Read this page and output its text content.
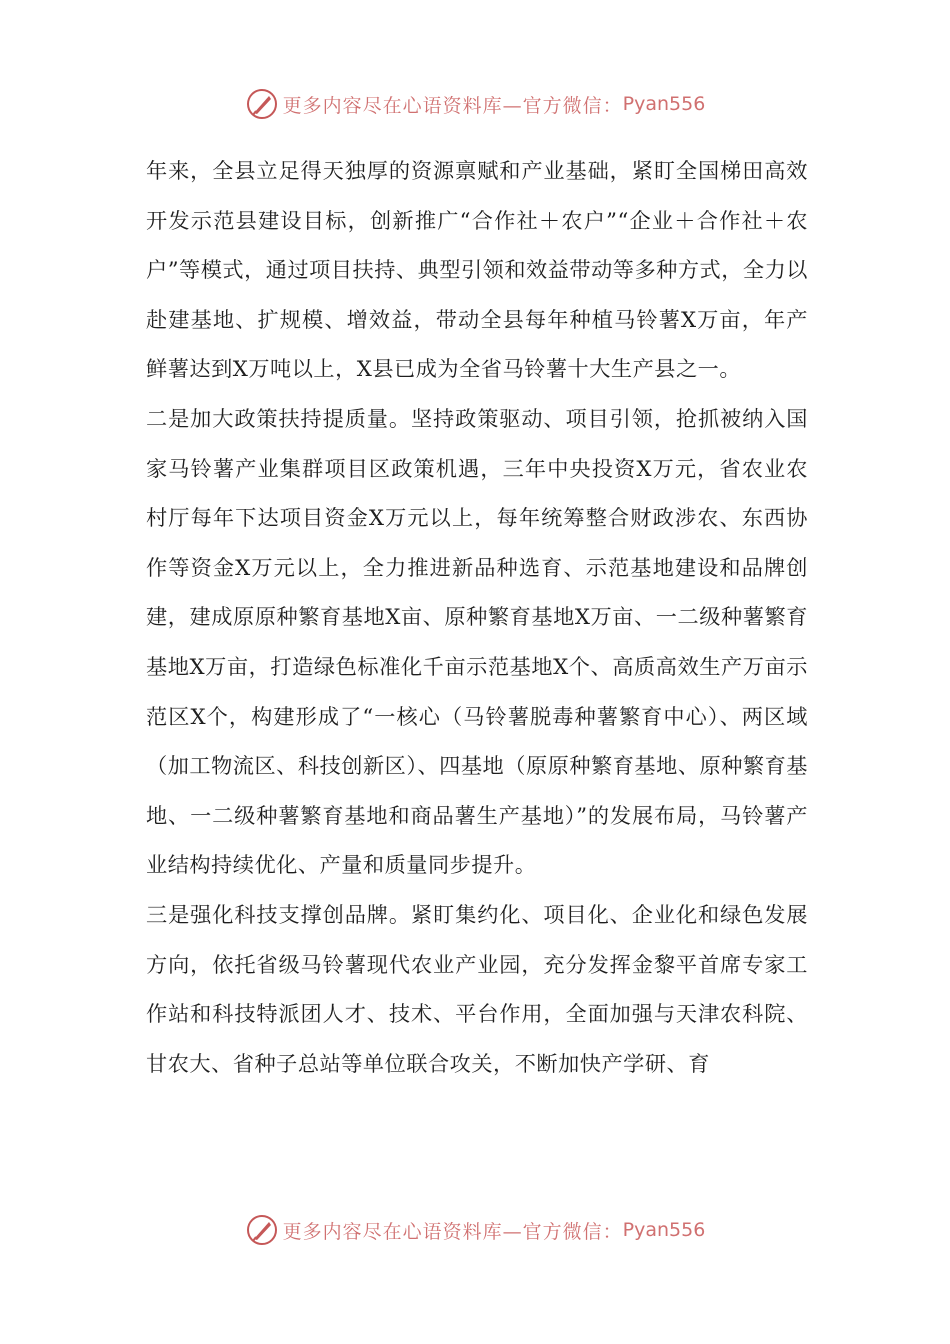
更多内容尽在心语资料库—官方微信： Pyan556

年来，全县立足得天独厚的资源禀赋和产业基础，紧盯全国梯田高效开发示范县建设目标，创新推广“合作社＋农户”“企业＋合作社＋农户”等模式，通过项目扶持、典型引领和效益带动等多种方式，全力以赴建基地、扩规模、增效益，带动全县每年种植马铃薯X万亩，年产鲜薯达到X万吨以上，X县已成为全省马铃薯十大生产县之一。

二是加大政策扶持提质量。坚持政策驱动、项目引领，抢抓被纳入国家马铃薯产业集群项目区政策机遇，三年中央投资X万元，省农业农村厅每年下达项目资金X万元以上，每年统筹整合财政涉农、东西协作等资金X万元以上，全力推进新品种选育、示范基地建设和品牌创建，建成原原种繁育基地X亩、原种繁育基地X万亩、一二级种薯繁育基地X万亩，打造绿色标准化千亩示范基地X个、高质高效生产万亩示范区X个，构建形成了“一核心（马铃薯脱毒种薯繁育中心）、两区域（加工物流区、科技创新区）、四基地（原原种繁育基地、原种繁育基地、一二级种薯繁育基地和商品薯生产基地）”的发展布局，马铃薯产业结构持续优化、产量和质量同步提升。

三是强化科技支撑创品牌。紧盯集约化、项目化、企业化和绿色发展方向，依托省级马铃薯现代农业产业园，充分发挥金黎平首席专家工作站和科技特派团人才、技术、平台作用，全面加强与天津农科院、甘农大、省种子总站等单位联合攻关，不断加快产学研、育

更多内容尽在心语资料库—官方微信： Pyan556
